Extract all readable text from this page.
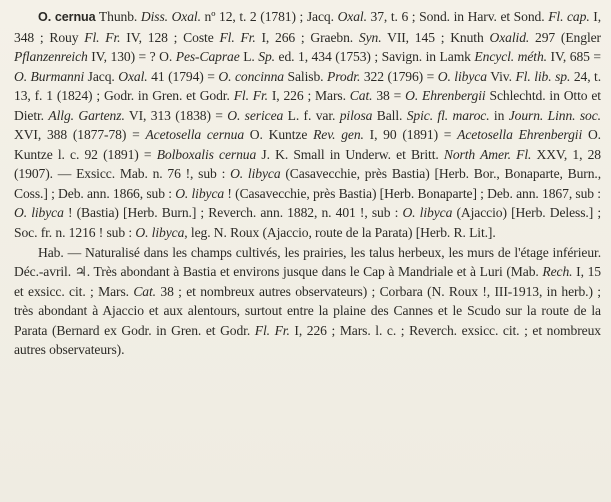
O. cernua Thunb. Diss. Oxal. nº 12, t. 2 (1781) ; Jacq. Oxal. 37, t. 6 ; Sond. in Harv. et Sond. Fl. cap. I, 348 ; Rouy Fl. Fr. IV, 128 ; Coste Fl. Fr. I, 266 ; Graebn. Syn. VII, 145 ; Knuth Oxalid. 297 (Engler Pflanzenreich IV, 130) = ? O. Pes-Caprae L. Sp. ed. 1, 434 (1753) ; Savign. in Lamk Encycl. méth. IV, 685 = O. Burmanni Jacq. Oxal. 41 (1794) = O. concinna Salisb. Prodr. 322 (1796) = O. libyca Viv. Fl. lib. sp. 24, t. 13, f. 1 (1824) ; Godr. in Gren. et Godr. Fl. Fr. I, 226 ; Mars. Cat. 38 = O. Ehrenbergii Schlechtd. in Otto et Dietr. Allg. Gartenz. VI, 313 (1838) = O. sericea L. f. var. pilosa Ball. Spic. fl. maroc. in Journ. Linn. soc. XVI, 388 (1877-78) = Acetosella cernua O. Kuntze Rev. gen. I, 90 (1891) = Acetosella Ehrenbergii O. Kuntze l. c. 92 (1891) = Bolboxalis cernua J. K. Small in Underw. et Britt. North Amer. Fl. XXV, 1, 28 (1907). — Exsicc. Mab. n. 76 !, sub : O. libyca (Casavecchie, près Bastia) [Herb. Bor., Bonaparte, Burn., Coss.] ; Deb. ann. 1866, sub : O. libyca ! (Casavecchie, près Bastia) [Herb. Bonaparte] ; Deb. ann. 1867, sub : O. libyca ! (Bastia) [Herb. Burn.] ; Reverch. ann. 1882, n. 401 !, sub : O. libyca (Ajaccio) [Herb. Deless.] ; Soc. fr. n. 1216 ! sub : O. libyca, leg. N. Roux (Ajaccio, route de la Parata) [Herb. R. Lit.].

Hab. — Naturalisé dans les champs cultivés, les prairies, les talus herbeux, les murs de l'étage inférieur. Déc.-avril. ♃. Très abondant à Bastia et environs jusque dans le Cap à Mandriale et à Luri (Mab. Rech. I, 15 et exsicc. cit. ; Mars. Cat. 38 ; et nombreux autres observateurs) ; Corbara (N. Roux !, III-1913, in herb.) ; très abondant à Ajaccio et aux alentours, surtout entre la plaine des Cannes et le Scudo sur la route de la Parata (Bernard ex Godr. in Gren. et Godr. Fl. Fr. I, 226 ; Mars. l. c. ; Reverch. exsicc. cit. ; et nombreux autres observateurs).
